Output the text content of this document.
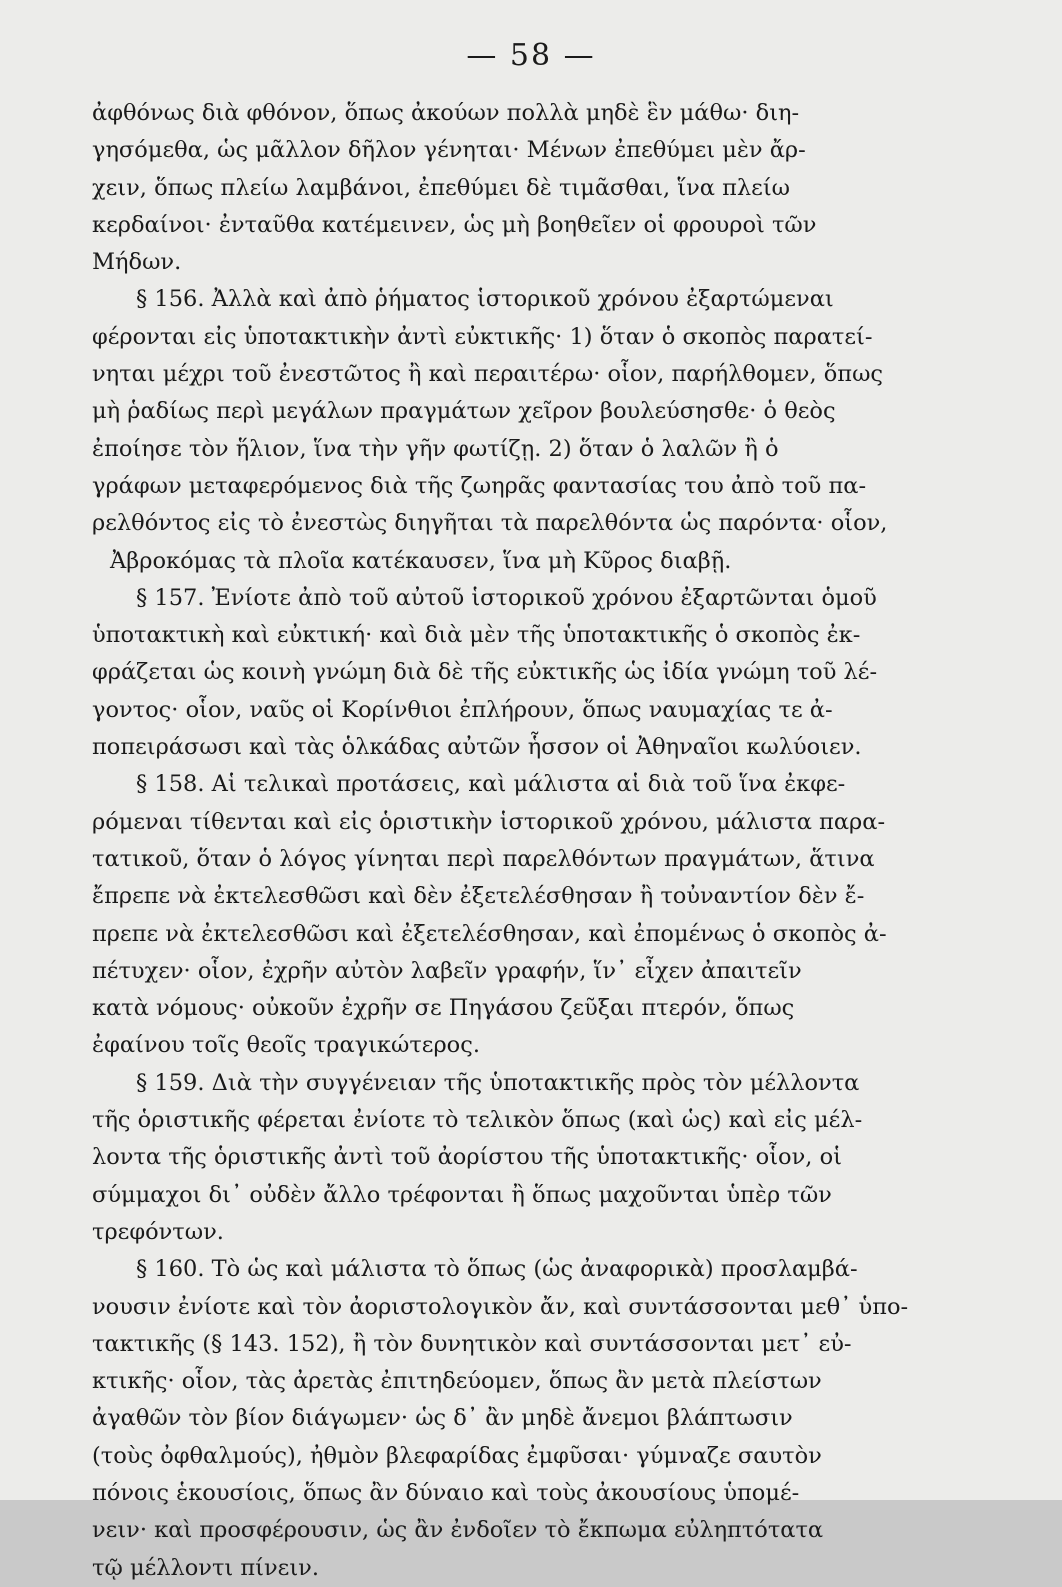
— 58 —
ἀφθόνως διὰ φθόνον, ὅπως ἀκούων πολλὰ μηδὲ ἓν μάθω· διη-
γησόμεθα, ὡς μᾶλλον δῆλον γένηται· Μένων ἐπεθύμει μὲν ἄρ-
χειν, ὅπως πλείω λαμβάνοι, ἐπεθύμει δὲ τιμᾶσθαι, ἵνα πλείω
κερδαίνοι· ἐνταῦθα κατέμεινεν, ὡς μὴ βοηθεῖεν οἱ φρουροὶ τῶν
Μήδων.
§ 156. Ἀλλὰ καὶ ἀπὸ ῥήματος ἱστορικοῦ χρόνου ἐξαρτώμεναι
φέρονται εἰς ὑποτακτικὴν ἀντὶ εὐκτικῆς· 1) ὅταν ὁ σκοπὸς παρατεί-
νηται μέχρι τοῦ ἐνεστῶτος ἢ καὶ περαιτέρω· οἷον, παρήλθομεν, ὅπως
μὴ ῥαδίως περὶ μεγάλων πραγμάτων χεῖρον βουλεύσησθε· ὁ θεὸς
ἐποίησε τὸν ἥλιον, ἵνα τὴν γῆν φωτίζῃ. 2) ὅταν ὁ λαλῶν ἢ ὁ
γράφων μεταφερόμενος διὰ τῆς ζωηρᾶς φαντασίας του ἀπὸ τοῦ πα-
ρελθόντος εἰς τὸ ἐνεστὼς διηγῆται τὰ παρελθόντα ὡς παρόντα· οἷον,
Ἀβροκόμας τὰ πλοῖα κατέκαυσεν, ἵνα μὴ Κῦρος διαβῇ.
§ 157. Ἐνίοτε ἀπὸ τοῦ αὐτοῦ ἱστορικοῦ χρόνου ἐξαρτῶνται ὁμοῦ
ὑποτακτικὴ καὶ εὐκτική· καὶ διὰ μὲν τῆς ὑποτακτικῆς ὁ σκοπὸς ἐκ-
φράζεται ὡς κοινὴ γνώμη διὰ δὲ τῆς εὐκτικῆς ὡς ἰδία γνώμη τοῦ λέ-
γοντος· οἷον, ναῦς οἱ Κορίνθιοι ἐπλήρουν, ὅπως ναυμαχίας τε ἀ-
ποπειράσωσι καὶ τὰς ὁλκάδας αὐτῶν ἧσσον οἱ Ἀθηναῖοι κωλύοιεν.
§ 158. Αἱ τελικαὶ προτάσεις, καὶ μάλιστα αἱ διὰ τοῦ ἵνα ἐκφε-
ρόμεναι τίθενται καὶ εἰς ὁριστικὴν ἱστορικοῦ χρόνου, μάλιστα παρα-
τατικοῦ, ὅταν ὁ λόγος γίνηται περὶ παρελθόντων πραγμάτων, ἅτινα
ἔπρεπε νὰ ἐκτελεσθῶσι καὶ δὲν ἐξετελέσθησαν ἢ τοὐναντίον δὲν ἔ-
πρεπε νὰ ἐκτελεσθῶσι καὶ ἐξετελέσθησαν, καὶ ἐπομένως ὁ σκοπὸς ἀ-
πέτυχεν· οἷον, ἐχρῆν αὐτὸν λαβεῖν γραφήν, ἵν᾽ εἶχεν ἀπαιτεῖν
κατὰ νόμους· οὐκοῦν ἐχρῆν σε Πηγάσου ζεῦξαι πτερόν, ὅπως
ἐφαίνου τοῖς θεοῖς τραγικώτερος.
§ 159. Διὰ τὴν συγγένειαν τῆς ὑποτακτικῆς πρὸς τὸν μέλλοντα
τῆς ὁριστικῆς φέρεται ἐνίοτε τὸ τελικὸν ὅπως (καὶ ὡς) καὶ εἰς μέλ-
λοντα τῆς ὁριστικῆς ἀντὶ τοῦ ἀορίστου τῆς ὑποτακτικῆς· οἷον, οἱ
σύμμαχοι δι᾽ οὐδὲν ἄλλο τρέφονται ἢ ὅπως μαχοῦνται ὑπὲρ τῶν
τρεφόντων.
§ 160. Τὸ ὡς καὶ μάλιστα τὸ ὅπως (ὡς ἀναφορικὰ) προσλαμβά-
νουσιν ἐνίοτε καὶ τὸν ἀοριστολογικὸν ἄν, καὶ συντάσσονται μεθ᾽ ὑπο-
τακτικῆς (§ 143. 152), ἢ τὸν δυνητικὸν καὶ συντάσσονται μετ᾽ εὐ-
κτικῆς· οἷον, τὰς ἀρετὰς ἐπιτηδεύομεν, ὅπως ἂν μετὰ πλείστων
ἀγαθῶν τὸν βίον διάγωμεν· ὡς δ᾽ ἂν μηδὲ ἄνεμοι βλάπτωσιν
(τοὺς ὀφθαλμούς), ἠθμὸν βλεφαρίδας ἐμφῦσαι· γύμναζε σαυτὸν
πόνοις ἑκουσίοις, ὅπως ἂν δύναιο καὶ τοὺς ἀκουσίους ὑπομέ-
νειν· καὶ προσφέρουσιν, ὡς ἂν ἐνδοῖεν τὸ ἔκπωμα εὐληπτότατα
τῷ μέλλοντι πίνειν.
